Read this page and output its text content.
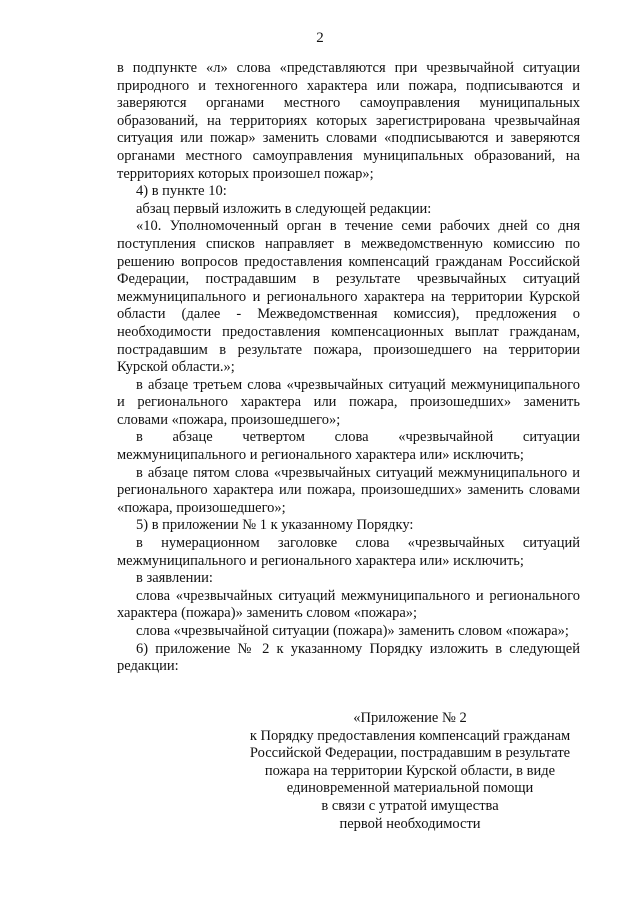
2

в подпункте «л» слова «представляются при чрезвычайной ситуации природного и техногенного характера или пожара, подписываются и заверяются органами местного самоуправления муниципальных образований, на территориях которых зарегистрирована чрезвычайная ситуация или пожар» заменить словами «подписываются и заверяются органами местного самоуправления муниципальных образований, на территориях которых произошел пожар»;

4) в пункте 10:

абзац первый изложить в следующей редакции:

«10. Уполномоченный орган в течение семи рабочих дней со дня поступления списков направляет в межведомственную комиссию по решению вопросов предоставления компенсаций гражданам Российской Федерации, пострадавшим в результате чрезвычайных ситуаций межмуниципального и регионального характера на территории Курской области (далее - Межведомственная комиссия), предложения о необходимости предоставления компенсационных выплат гражданам, пострадавшим в результате пожара, произошедшего на территории Курской области.»;

в абзаце третьем слова «чрезвычайных ситуаций межмуниципального и регионального характера или пожара, произошедших» заменить словами «пожара, произошедшего»;

в абзаце четвертом слова «чрезвычайной ситуации межмуниципального и регионального характера или» исключить;

в абзаце пятом слова «чрезвычайных ситуаций межмуниципального и регионального характера или пожара, произошедших» заменить словами «пожара, произошедшего»;

5) в приложении № 1 к указанному Порядку:

в нумерационном заголовке слова «чрезвычайных ситуаций межмуниципального и регионального характера или» исключить;

в заявлении:

слова «чрезвычайных ситуаций межмуниципального и регионального характера (пожара)» заменить словом «пожара»;

слова «чрезвычайной ситуации (пожара)» заменить словом «пожара»;

6) приложение № 2 к указанному Порядку изложить в следующей редакции:

«Приложение № 2
к Порядку предоставления компенсаций гражданам
Российской Федерации, пострадавшим в результате
пожара на территории Курской области, в виде
единовременной материальной помощи
в связи с утратой имущества
первой необходимости
